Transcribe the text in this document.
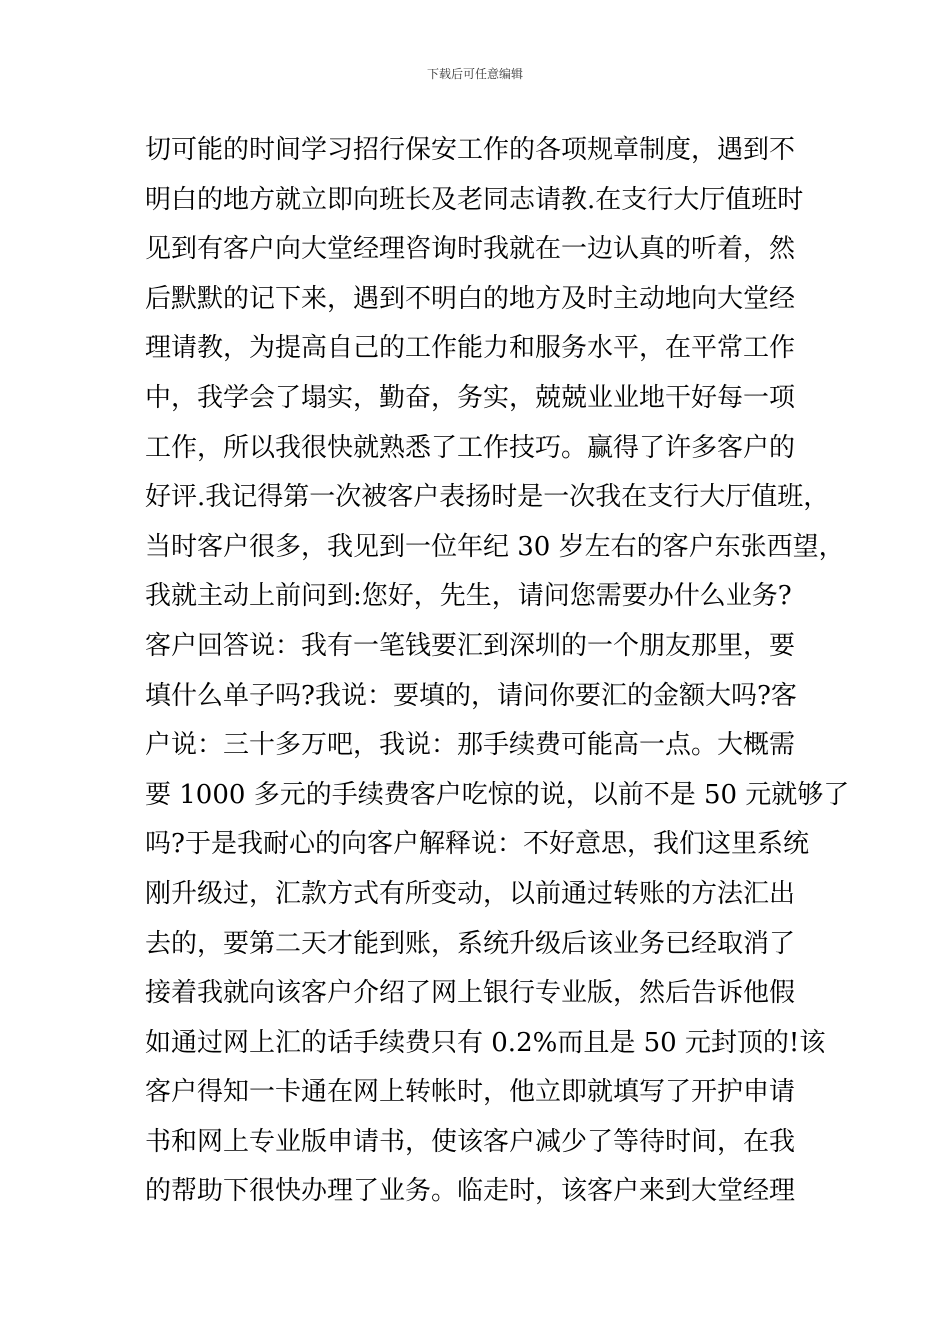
下载后可任意编辑
切可能的时间学习招行保安工作的各项规章制度，遇到不
明白的地方就立即向班长及老同志请教.在支行大厅值班时
见到有客户向大堂经理咨询时我就在一边认真的听着，然
后默默的记下来，遇到不明白的地方及时主动地向大堂经
理请教，为提高自己的工作能力和服务水平，在平常工作
中，我学会了塌实，勤奋，务实，兢兢业业地干好每一项
工作，所以我很快就熟悉了工作技巧。赢得了许多客户的
好评.我记得第一次被客户表扬时是一次我在支行大厅值班，
当时客户很多，我见到一位年纪 30 岁左右的客户东张西望，
我就主动上前问到:您好，先生，请问您需要办什么业务?
客户回答说：我有一笔钱要汇到深圳的一个朋友那里，要
填什么单子吗?我说：要填的，请问你要汇的金额大吗?客
户说：三十多万吧，我说：那手续费可能高一点。大概需
要 1000 多元的手续费客户吃惊的说，以前不是 50 元就够了
吗?于是我耐心的向客户解释说：不好意思，我们这里系统
刚升级过，汇款方式有所变动，以前通过转账的方法汇出
去的，要第二天才能到账，系统升级后该业务已经取消了
接着我就向该客户介绍了网上银行专业版，然后告诉他假
如通过网上汇的话手续费只有 0.2%而且是 50 元封顶的!该
客户得知一卡通在网上转帐时，他立即就填写了开护申请
书和网上专业版申请书，使该客户减少了等待时间，在我
的帮助下很快办理了业务。临走时，该客户来到大堂经理
